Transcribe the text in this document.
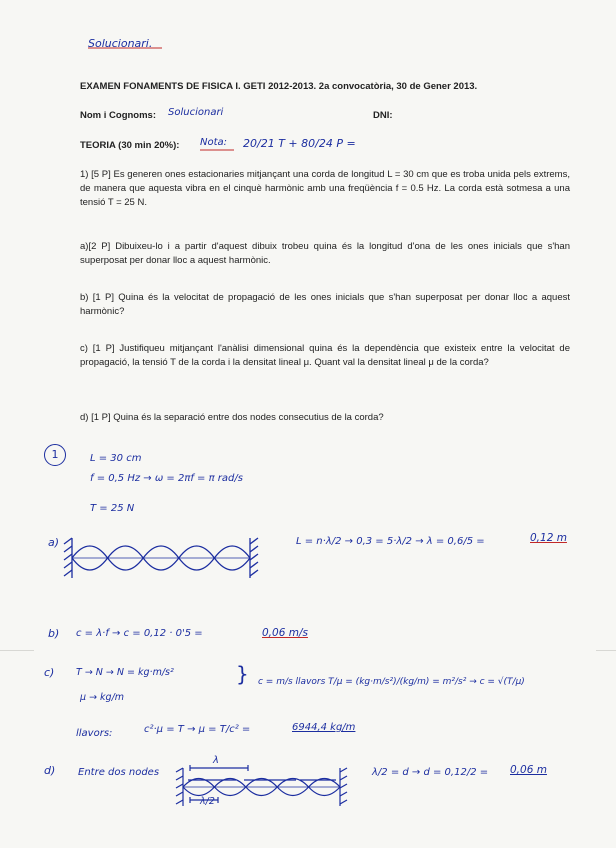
Solucionari.
EXAMEN FONAMENTS DE FISICA I. GETI 2012-2013. 2a convocatòria, 30 de Gener 2013.
Nom i Cognoms: Solucionari	DNI:
TEORIA (30 min 20%): Nota: 20/21 T + 80/24 P =
1) [5 P] Es generen ones estacionaries mitjançant una corda de longitud L = 30 cm que es troba unida pels extrems, de manera que aquesta vibra en el cinquè harmònic amb una freqüència f = 0.5 Hz. La corda està sotmesa a una tensió T = 25 N.
a)[2 P] Dibuixeu-lo i a partir d'aquest dibuix trobeu quina és la longitud d'ona de les ones inicials que s'han superposat per donar lloc a aquest harmònic.
b) [1 P] Quina és la velocitat de propagació de les ones inicials que s'han superposat per donar lloc a aquest harmònic?
c) [1 P] Justifiqueu mitjançant l'anàlisi dimensional quina és la dependència que existeix entre la velocitat de propagació, la tensió T de la corda i la densitat lineal μ. Quant val la densitat lineal μ de la corda?
d) [1 P] Quina és la separació entre dos nodes consecutius de la corda?
1	L = 30 cm
f = 0,5 Hz → ω = 2πf = π rad/s
T = 25 N
a)	L = n·λ/2 → 0,3 = 5·λ/2 → λ = 0,6/5 =	0,12 m
b) c = λ·f → c = 0,12 · 0'5 =	0,06 m/s
c) T → N → N = kg·m/s²
μ → kg/m
} c = m/s llavors T/μ = (kg·m/s²)/(kg/m) = m²/s² → c = √(T/μ)
llavors:	c²·μ = T → μ = T/c² =	6944,4 kg/m
d) Entre dos nodes
λ
λ/2
λ/2 = d → d = 0,12/2 = 0,06 m
